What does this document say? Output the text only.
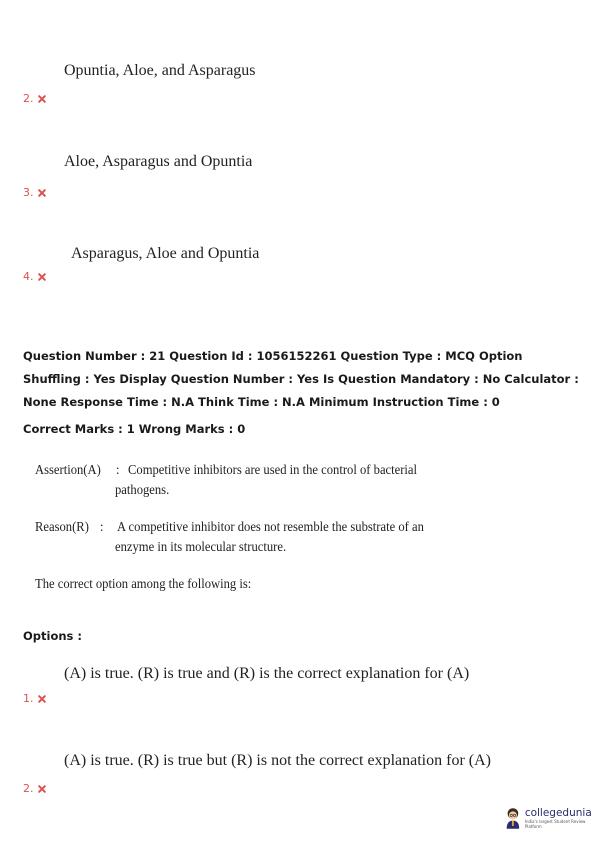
Opuntia, Aloe, and Asparagus
2.
Aloe, Asparagus and Opuntia
3.
Asparagus, Aloe and Opuntia
4.
Question Number : 21 Question Id : 1056152261 Question Type : MCQ Option Shuffling : Yes Display Question Number : Yes Is Question Mandatory : No Calculator : None Response Time : N.A Think Time : N.A Minimum Instruction Time : 0
Correct Marks : 1 Wrong Marks : 0
Assertion(A) : Competitive inhibitors are used in the control of bacterial
pathogens.
Reason(R) : A competitive inhibitor does not resemble the substrate of an
enzyme in its molecular structure.
The correct option among the following is:
Options :
(A) is true. (R) is true and (R) is the correct explanation for (A)
1.
(A) is true. (R) is true but (R) is not the correct explanation for (A)
2.
collegedunia
India's largest Student Review Platform
